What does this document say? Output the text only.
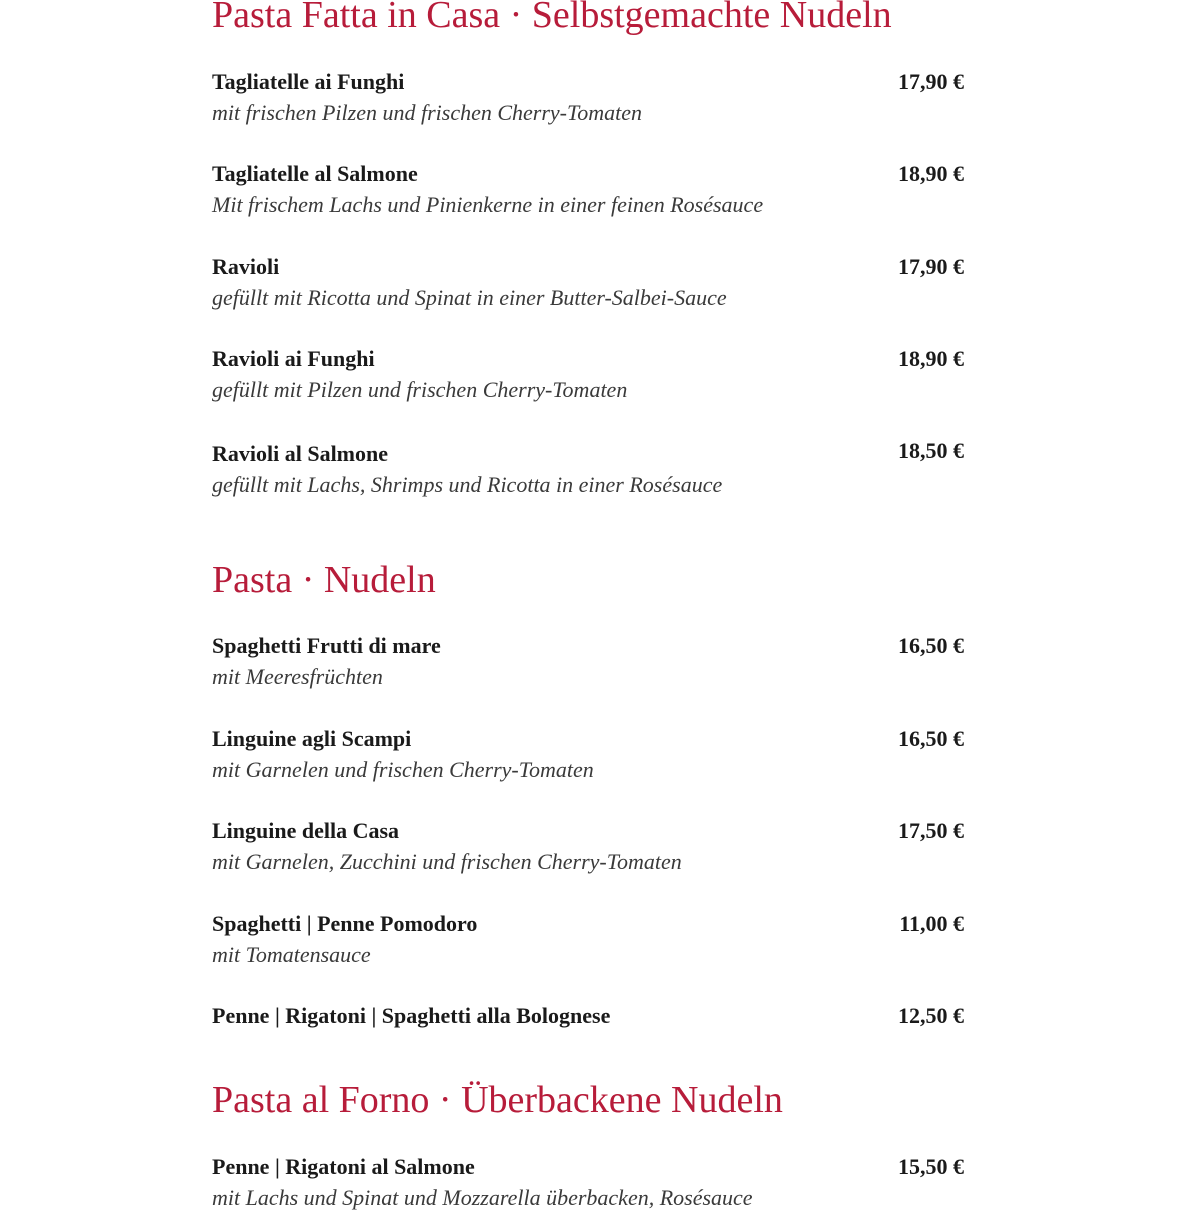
Pasta Fatta in Casa · Selbstgemachte Nudeln
Tagliatelle ai Funghi
mit frischen Pilzen und frischen Cherry-Tomaten
17,90 €
Tagliatelle al Salmone
Mit frischem Lachs und Pinienkerne in einer feinen Rosésauce
18,90 €
Ravioli
gefüllt mit Ricotta und Spinat in einer Butter-Salbei-Sauce
17,90 €
Ravioli ai Funghi
gefüllt mit Pilzen und frischen Cherry-Tomaten
18,90 €
Ravioli al Salmone
gefüllt mit Lachs, Shrimps und Ricotta in einer Rosésauce
18,50 €
Pasta · Nudeln
Spaghetti Frutti di mare
mit Meeresfrüchten
16,50 €
Linguine agli Scampi
mit Garnelen und frischen Cherry-Tomaten
16,50 €
Linguine della Casa
mit Garnelen, Zucchini und frischen Cherry-Tomaten
17,50 €
Spaghetti | Penne Pomodoro
mit Tomatensauce
11,00 €
Penne | Rigatoni | Spaghetti alla Bolognese	12,50 €
Pasta al Forno · Überbackene Nudeln
Penne | Rigatoni al Salmone
mit Lachs und Spinat und Mozzarella überbacken, Rosésauce
15,50 €
